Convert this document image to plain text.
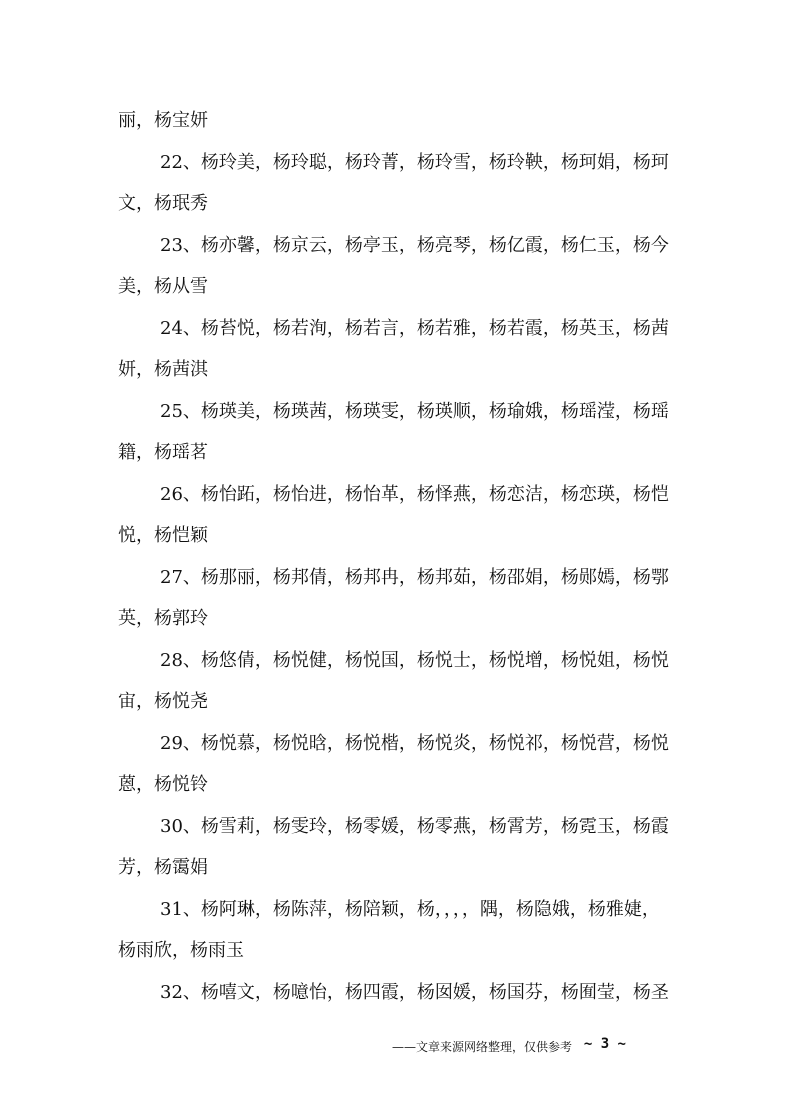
丽，杨宝妍
22、杨玲美，杨玲聪，杨玲菁，杨玲雪，杨玲鞅，杨珂娟，杨珂
文，杨珉秀
23、杨亦馨，杨京云，杨亭玉，杨亮琴，杨亿霞，杨仁玉，杨今
美，杨从雪
24、杨苔悦，杨若洵，杨若言，杨若雅，杨若霞，杨英玉，杨茜
妍，杨茜淇
25、杨瑛美，杨瑛茜，杨瑛雯，杨瑛顺，杨瑜娥，杨瑶滢，杨瑶
籍，杨瑶茗
26、杨怡跖，杨怡进，杨怡革，杨怿燕，杨恋洁，杨恋瑛，杨恺
悦，杨恺颖
27、杨那丽，杨邦倩，杨邦冉，杨邦茹，杨邵娟，杨郧嫣，杨鄂
英，杨郭玲
28、杨悠倩，杨悦健，杨悦国，杨悦士，杨悦增，杨悦姐，杨悦
宙，杨悦尧
29、杨悦慕，杨悦晗，杨悦楷，杨悦炎，杨悦祁，杨悦营，杨悦
蒽，杨悦铃
30、杨雪莉，杨雯玲，杨零媛，杨零燕，杨霄芳，杨霓玉，杨霞
芳，杨霭娟
31、杨阿琳，杨陈萍，杨陪颖，杨，，，，隅，杨隐娥，杨雅婕，
杨雨欣，杨雨玉
32、杨嘻文，杨噫怡，杨四霞，杨囡媛，杨国芬，杨囿莹，杨圣
——文章来源网络整理，仅供参考 ~ 3 ~
